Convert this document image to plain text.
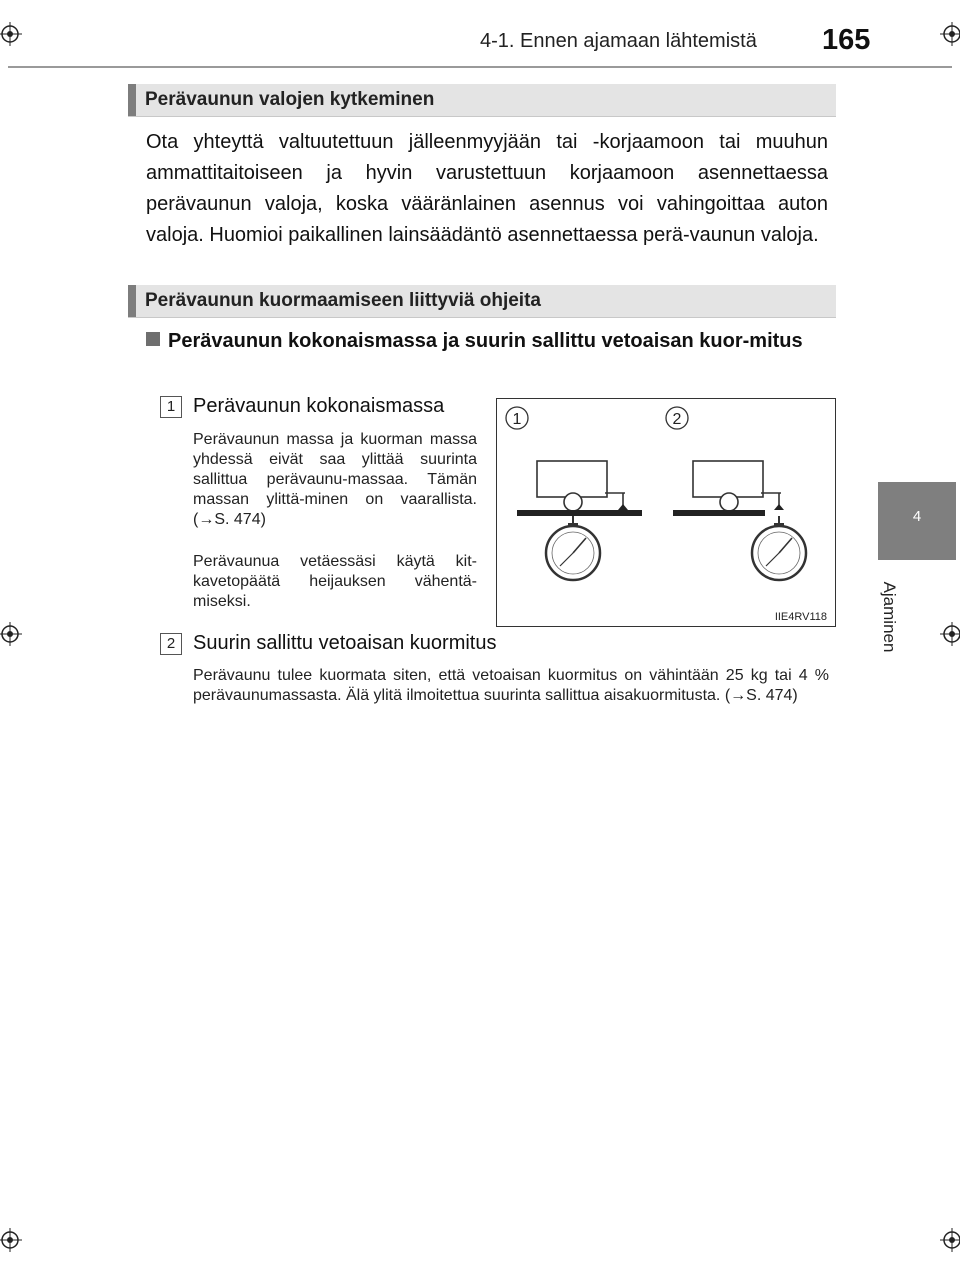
4-1. Ennen ajamaan lähtemistä 165
4
Ajaminen
Perävaunun valojen kytkeminen
Ota yhteyttä valtuutettuun jälleenmyyjään tai -korjaamoon tai muuhun ammattitaitoiseen ja hyvin varustettuun korjaamoon asennettaessa perävaunun valoja, koska vääränlainen asennus voi vahingoittaa auton valoja. Huomioi paikallinen lainsäädäntö asennettaessa perä-vaunun valoja.
Perävaunun kuormaamiseen liittyviä ohjeita
Perävaunun kokonaismassa ja suurin sallittu vetoaisan kuor-mitus
1 Perävaunun kokonaismassa
Perävaunun massa ja kuorman massa yhdessä eivät saa ylittää suurinta sallittua perävaunu-massaa. Tämän massan ylittä-minen on vaarallista. (→S. 474)
Perävaunua vetäessäsi käytä kit-kavetopäätä heijauksen vähentä-miseksi.
1	2
IIE4RV118
2 Suurin sallittu vetoaisan kuormitus
Perävaunu tulee kuormata siten, että vetoaisan kuormitus on vähintään 25 kg tai 4 % perävaunumassasta. Älä ylitä ilmoitettua suurinta sallittua aisakuormitusta. (→S. 474)
